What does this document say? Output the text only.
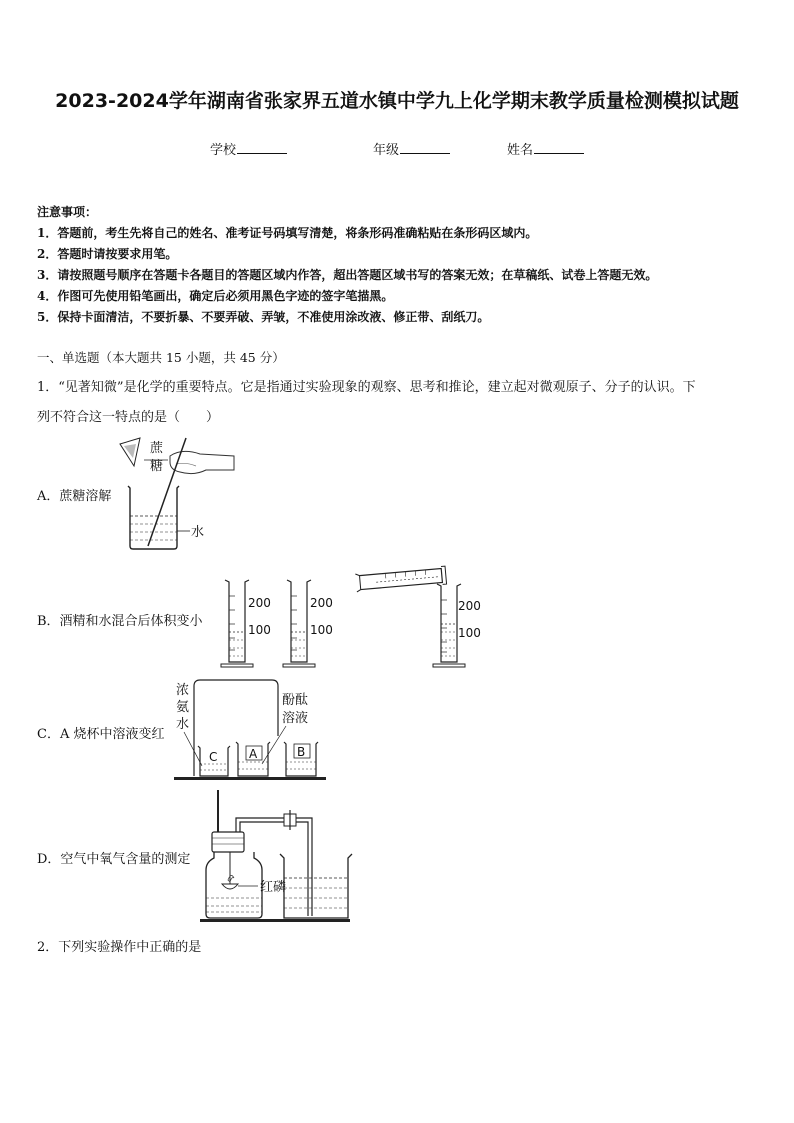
2023-2024学年湖南省张家界五道水镇中学九上化学期末教学质量检测模拟试题
学校	年级	姓名
注意事项：
1．答题前，考生先将自己的姓名、准考证号码填写清楚，将条形码准确粘贴在条形码区域内。
2．答题时请按要求用笔。
3．请按照题号顺序在答题卡各题目的答题区域内作答，超出答题区域书写的答案无效；在草稿纸、试卷上答题无效。
4．作图可先使用铅笔画出，确定后必须用黑色字迹的签字笔描黑。
5．保持卡面清洁，不要折暴、不要弄破、弄皱，不准使用涂改液、修正带、刮纸刀。
一、单选题（本大题共 15 小题，共 45 分）
1．“见著知微”是化学的重要特点。它是指通过实验现象的观察、思考和推论，建立起对微观原子、分子的认识。下
列不符合这一特点的是（　　）
蔗
糖
水
A．蔗糖溶解
200
100
200
100
200
100
B．酒精和水混合后体积变小
浓
氨
水
酚酞
溶液
C	A	B
C．A 烧杯中溶液变红
红磷
D．空气中氧气含量的测定
2．下列实验操作中正确的是
